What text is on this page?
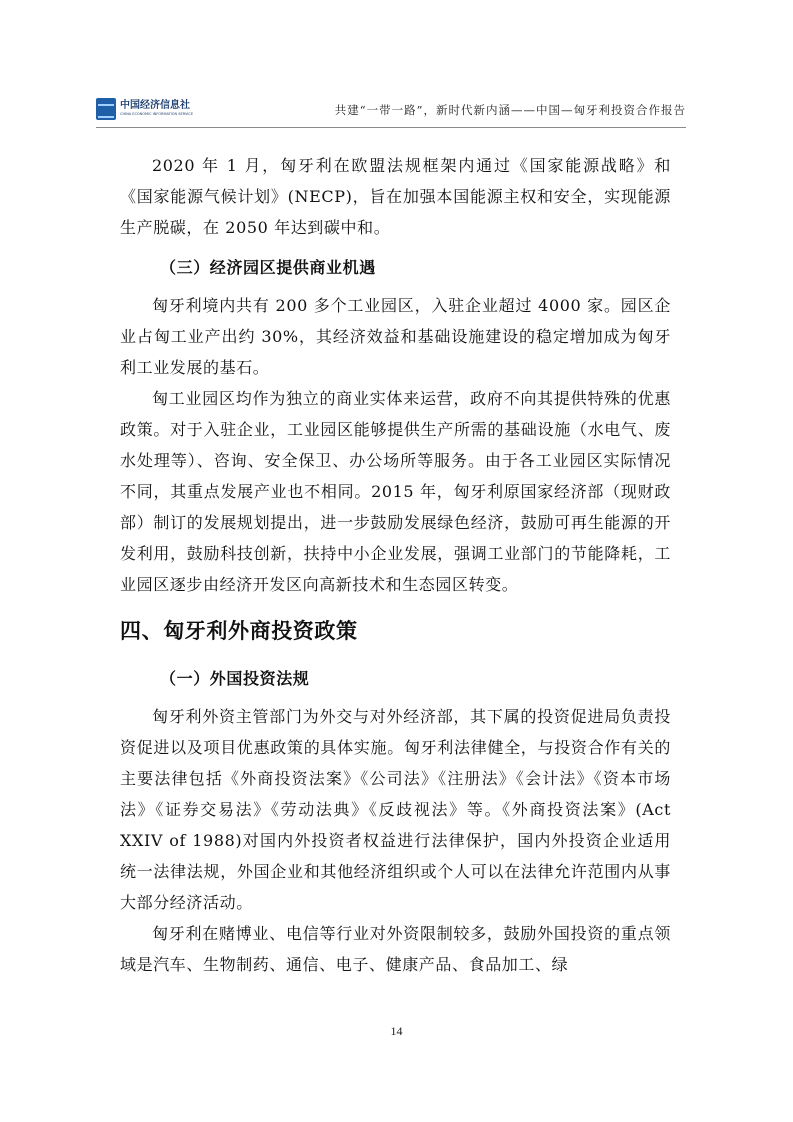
中国经济信息社
CHINA ECONOMIC INFORMATION SERVICE	共建“一带一路”，新时代新内涵——中国—匈牙利投资合作报告

2020 年 1 月，匈牙利在欧盟法规框架内通过《国家能源战略》和《国家能源气候计划》(NECP)，旨在加强本国能源主权和安全，实现能源生产脱碳，在 2050 年达到碳中和。

（三）经济园区提供商业机遇

匈牙利境内共有 200 多个工业园区，入驻企业超过 4000 家。园区企业占匈工业产出约 30%，其经济效益和基础设施建设的稳定增加成为匈牙利工业发展的基石。

匈工业园区均作为独立的商业实体来运营，政府不向其提供特殊的优惠政策。对于入驻企业，工业园区能够提供生产所需的基础设施（水电气、废水处理等）、咨询、安全保卫、办公场所等服务。由于各工业园区实际情况不同，其重点发展产业也不相同。2015 年，匈牙利原国家经济部（现财政部）制订的发展规划提出，进一步鼓励发展绿色经济，鼓励可再生能源的开发利用，鼓励科技创新，扶持中小企业发展，强调工业部门的节能降耗，工业园区逐步由经济开发区向高新技术和生态园区转变。

四、匈牙利外商投资政策
（一）外国投资法规

匈牙利外资主管部门为外交与对外经济部，其下属的投资促进局负责投资促进以及项目优惠政策的具体实施。匈牙利法律健全，与投资合作有关的主要法律包括《外商投资法案》《公司法》《注册法》《会计法》《资本市场法》《证券交易法》《劳动法典》《反歧视法》等。《外商投资法案》(Act XXIV of 1988)对国内外投资者权益进行法律保护，国内外投资企业适用统一法律法规，外国企业和其他经济组织或个人可以在法律允许范围内从事大部分经济活动。

匈牙利在赌博业、电信等行业对外资限制较多，鼓励外国投资的重点领域是汽车、生物制药、通信、电子、健康产品、食品加工、绿

14
